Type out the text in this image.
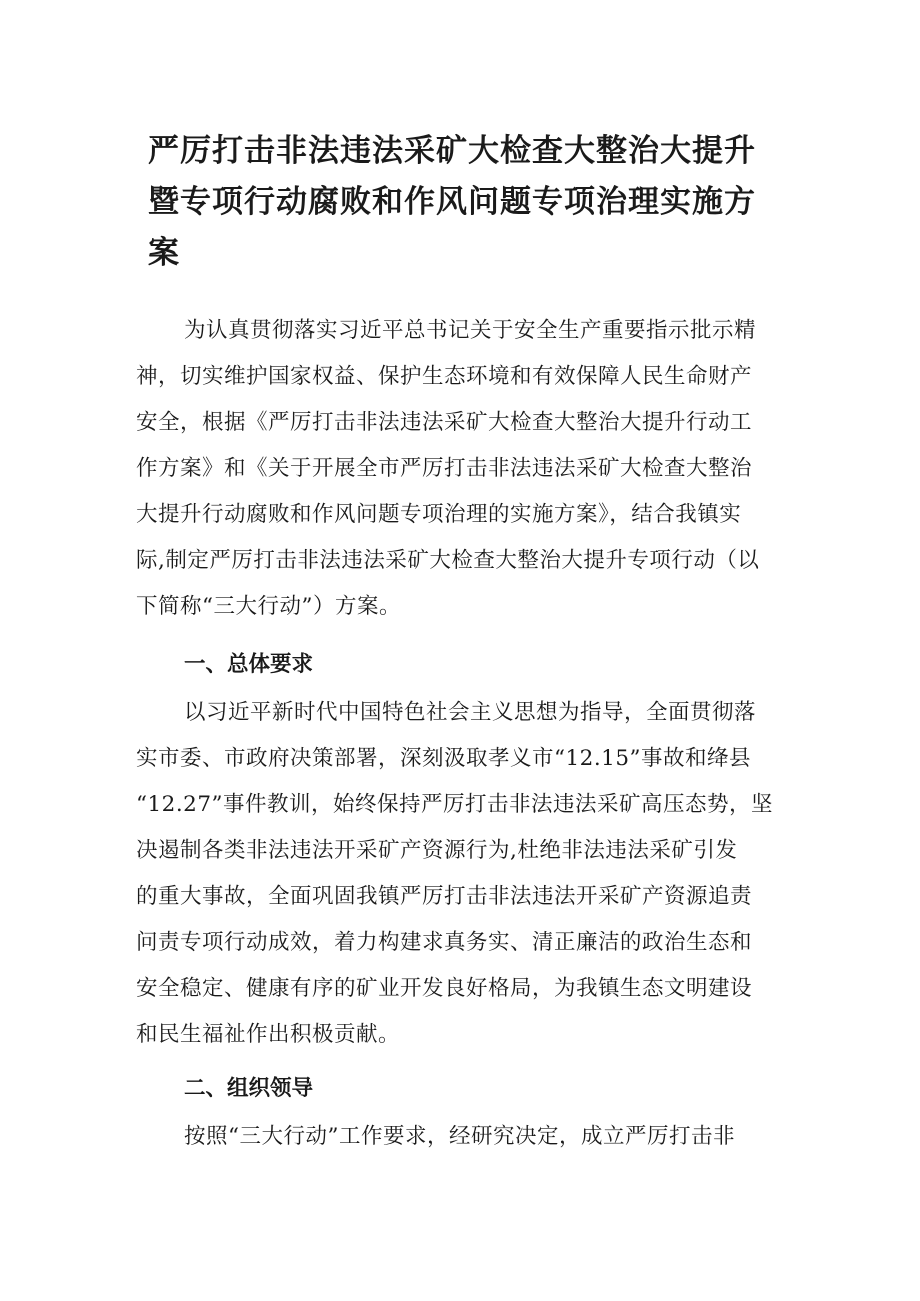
严厉打击非法违法采矿大检查大整治大提升
暨专项行动腐败和作风问题专项治理实施方
案
为认真贯彻落实习近平总书记关于安全生产重要指示批示精
神，切实维护国家权益、保护生态环境和有效保障人民生命财产
安全，根据《严厉打击非法违法采矿大检查大整治大提升行动工
作方案》和《关于开展全市严厉打击非法违法采矿大检查大整治
大提升行动腐败和作风问题专项治理的实施方案》，结合我镇实
际,制定严厉打击非法违法采矿大检查大整治大提升专项行动（以
下简称“三大行动”）方案。
一、总体要求
以习近平新时代中国特色社会主义思想为指导，全面贯彻落
实市委、市政府决策部署，深刻汲取孝义市“12.15”事故和绛县
“12.27”事件教训，始终保持严厉打击非法违法采矿高压态势，坚
决遏制各类非法违法开采矿产资源行为,杜绝非法违法采矿引发
的重大事故，全面巩固我镇严厉打击非法违法开采矿产资源追责
问责专项行动成效，着力构建求真务实、清正廉洁的政治生态和
安全稳定、健康有序的矿业开发良好格局，为我镇生态文明建设
和民生福祉作出积极贡献。
二、组织领导
按照“三大行动”工作要求，经研究决定，成立严厉打击非
